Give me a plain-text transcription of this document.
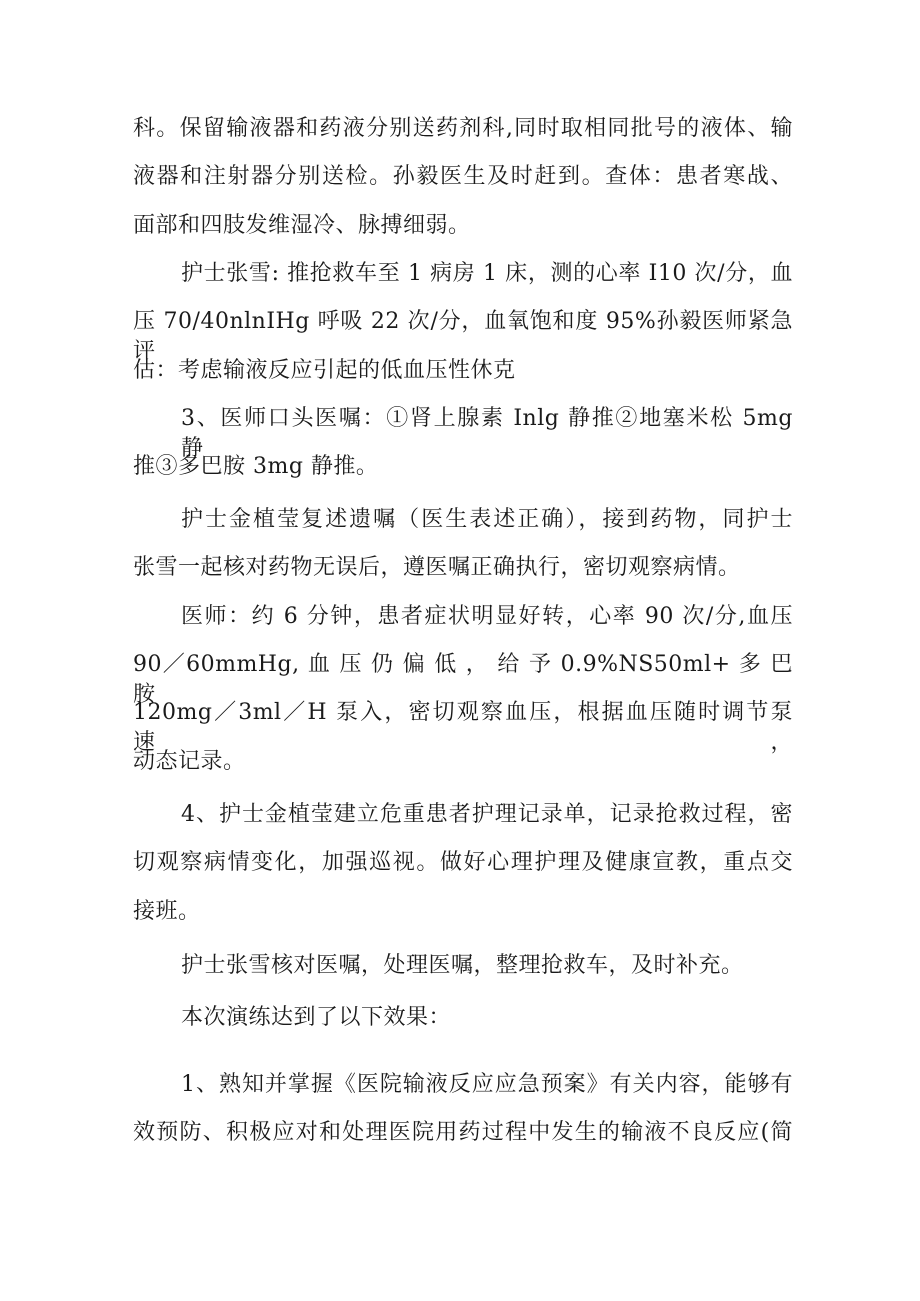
科。保留输液器和药液分别送药剂科,同时取相同批号的液体、输
液器和注射器分别送检。孙毅医生及时赶到。查体：患者寒战、
面部和四肢发维湿冷、脉搏细弱。
护士张雪: 推抢救车至 1 病房 1 床，测的心率 I10 次/分，血
压 70/40nlnIHg 呼吸 22 次/分，血氧饱和度 95%孙毅医师紧急评
估：考虑输液反应引起的低血压性休克
3、医师口头医嘱：①肾上腺素 Inlg 静推②地塞米松 5mg 静
推③多巴胺 3mg 静推。
护士金植莹复述遗嘱（医生表述正确），接到药物，同护士
张雪一起核对药物无误后，遵医嘱正确执行，密切观察病情。
医师：约 6 分钟，患者症状明显好转，心率 90 次/分,血压
90／60mmHg, 血 压 仍 偏 低 ， 给 予 0.9%NS50ml+ 多 巴 胺
120mg／3ml／H 泵入，密切观察血压，根据血压随时调节泵速，
动态记录。
4、护士金植莹建立危重患者护理记录单，记录抢救过程，密
切观察病情变化，加强巡视。做好心理护理及健康宣教，重点交
接班。
护士张雪核对医嘱，处理医嘱，整理抢救车，及时补充。
本次演练达到了以下效果：
1、熟知并掌握《医院输液反应应急预案》有关内容，能够有
效预防、积极应对和处理医院用药过程中发生的输液不良反应(简
